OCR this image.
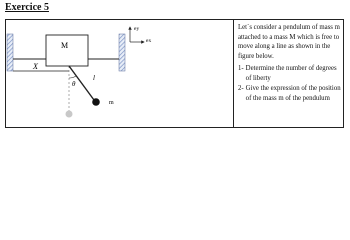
Exercice 5
M
X
θ
l
m
ey
ex

Let´s consider a pendulum of mass m attached to a mass M which is free to move along a line as shown in the figure below.

1- Determine the number of degrees of liberty
2- Give the expression of the position of the mass m of the pendulum
